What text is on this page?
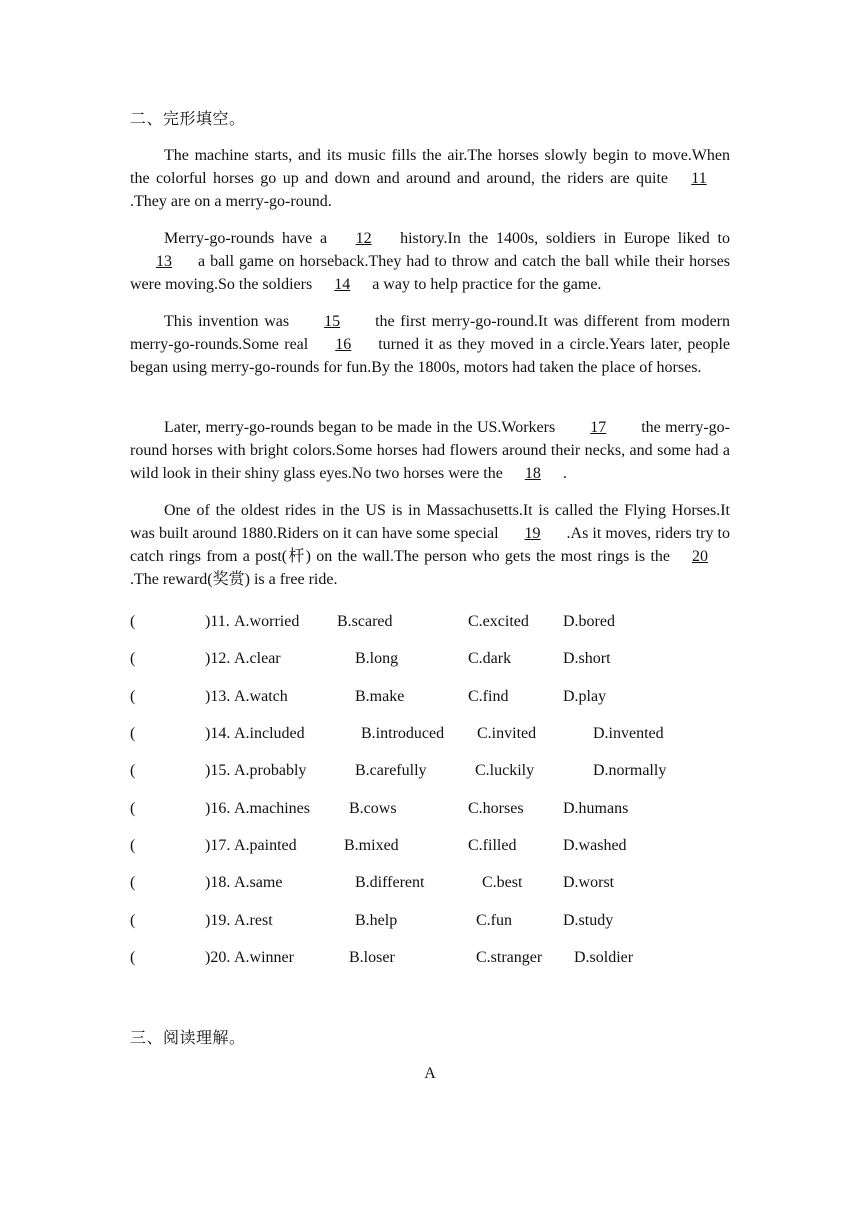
二、完形填空。

The machine starts, and its music fills the air.The horses slowly begin to move.When the colorful horses go up and down and around and around, the riders are quite 11.They are on a merry-go-round.

Merry-go-rounds have a 12 history.In the 1400s, soldiers in Europe liked to13 a ball game on horseback.They had to throw and catch the ball while their horses were moving.So the soldiers 14 a way to help practice for the game.

This invention was 15 the first merry-go-round.It was different from modern merry-go-rounds.Some real 16 turned it as they moved in a circle.Years later, people began using merry-go-rounds for fun.By the 1800s, motors had taken the place of horses.

Later, merry-go-rounds began to be made in the US.Workers 17 the merry-go-round horses with bright colors.Some horses had flowers around their necks, and some had a wild look in their shiny glass eyes.No two horses were the 18 .

One of the oldest rides in the US is in Massachusetts.It is called the Flying Horses.It was built around 1880.Riders on it can have some special 19 .As it moves, riders try to catch rings from a post(杆) on the wall.The person who gets the most rings is the 20.The reward(奖赏) is a free ride.

(	)11. A.worried B.scared	C.excited D.bored
(	)12. A.clear	B.long	C.dark	D.short
(	)13. A.watch	B.make	C.find	D.play
(	)14. A.included	B.introduced C.invited	D.invented
(	)15. A.probably	B.carefully	C.luckily	D.normally
(	)16. A.machines B.cows	C.horses D.humans
(	)17. A.painted	B.mixed	C.filled	D.washed
(	)18. A.same	B.different	C.best	D.worst
(	)19. A.rest	B.help	C.fun	D.study
(	)20. A.winner	B.loser	C.stranger D.soldier
三、阅读理解。
A
